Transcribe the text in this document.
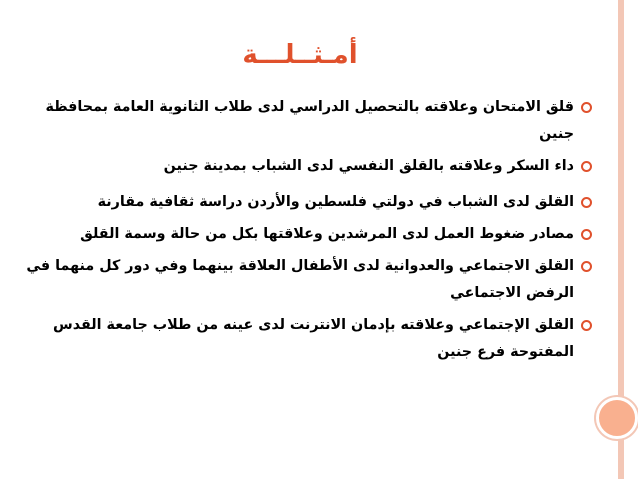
أمـثــلـــة
قلق الامتحان وعلاقته بالتحصيل الدراسي لدى طلاب الثانوية العامة بمحافظة جنين
داء السكر وعلاقته بالقلق النفسي لدى الشباب بمدينة جنين
القلق لدى الشباب في دولتي فلسطين والأردن دراسة ثقافية مقارنة
مصادر ضغوط العمل لدى المرشدين وعلاقتها بكل من حالة وسمة القلق
القلق الاجتماعي والعدوانية لدى الأطفال العلاقة بينهما وفي دور كل منهما في الرفض الاجتماعي
القلق الإجتماعي وعلاقته بإدمان الانترنت لدى عينه من طلاب جامعة القدس المفتوحة فرع جنين
